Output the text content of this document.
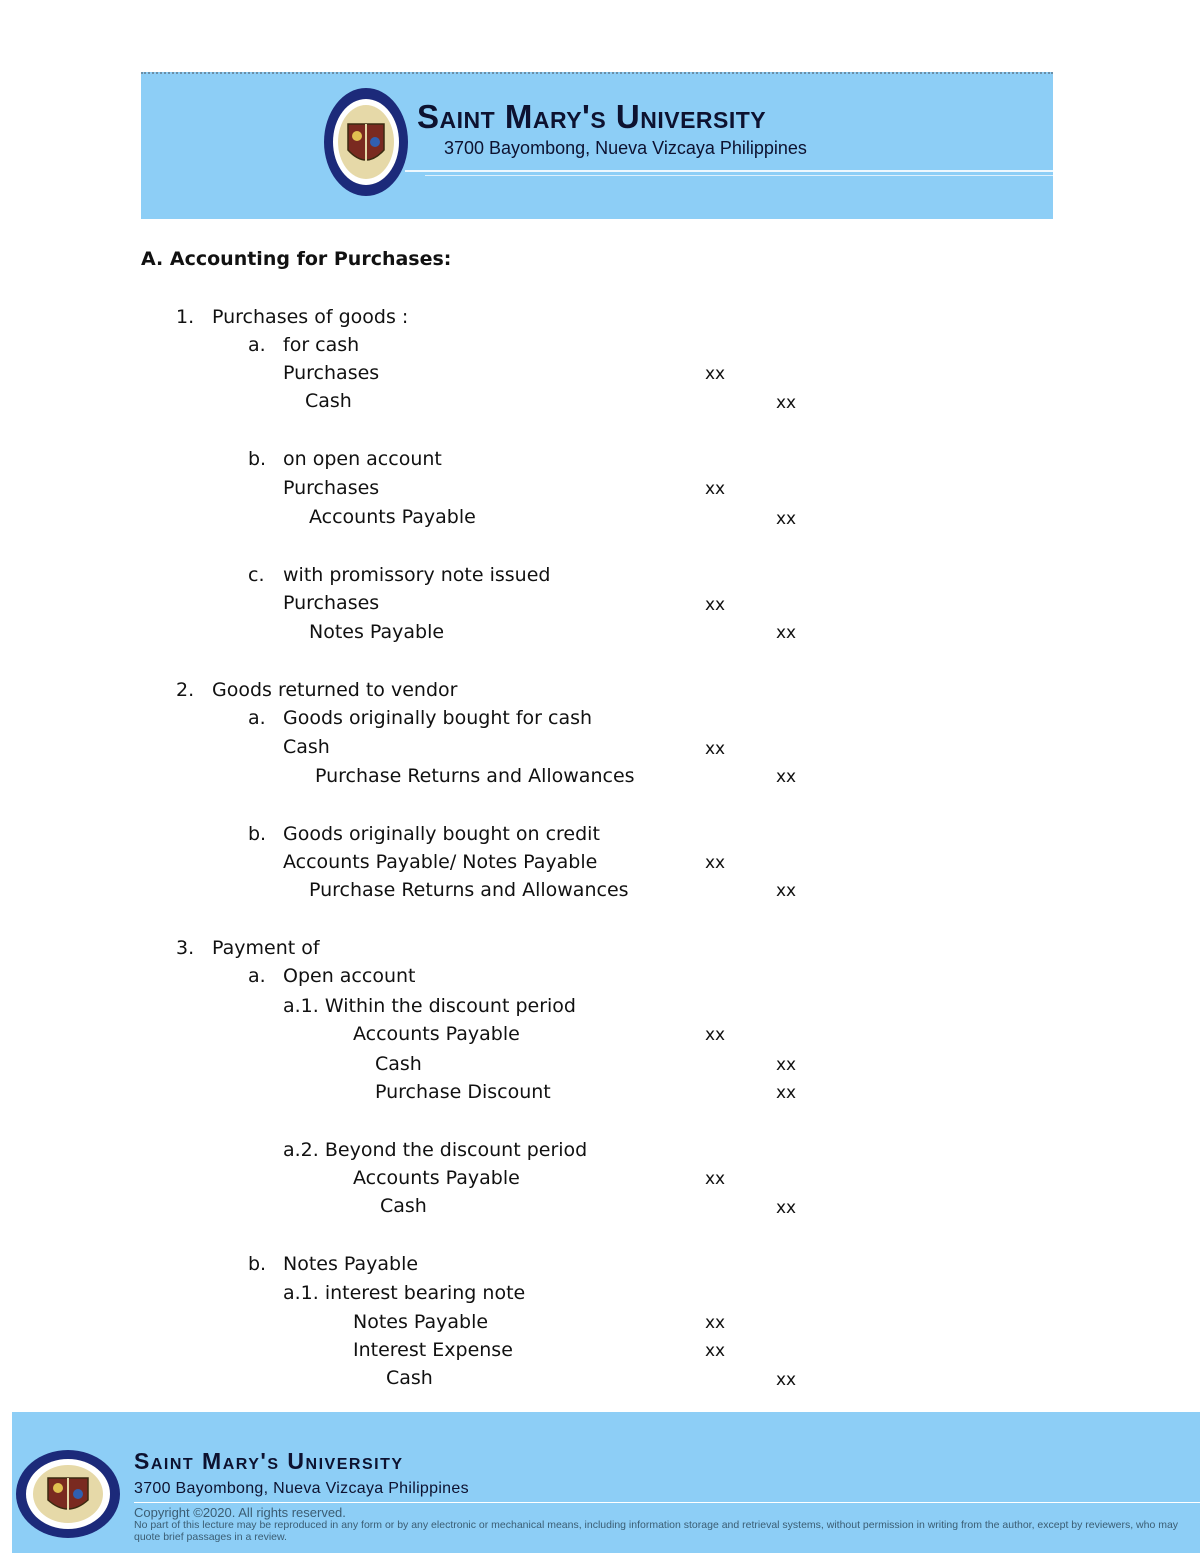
Saint Mary's University
3700 Bayombong, Nueva Vizcaya Philippines
A. Accounting for Purchases:
1. Purchases of goods :
a. for cash
Purchases	xx
Cash	xx
b. on open account
Purchases	xx
Accounts Payable	xx
c. with promissory note issued
Purchases	xx
Notes Payable	xx
2. Goods returned to vendor
a. Goods originally bought for cash
Cash	xx
Purchase Returns and Allowances	xx
b. Goods originally bought on credit
Accounts Payable/ Notes Payable	xx
Purchase Returns and Allowances	xx
3. Payment of
a. Open account
a.1. Within the discount period
Accounts Payable	xx
Cash	xx
Purchase Discount	xx
a.2. Beyond the discount period
Accounts Payable	xx
Cash	xx
b. Notes Payable
a.1. interest bearing note
Notes Payable	xx
Interest Expense	xx
Cash	xx
Saint Mary's University
3700 Bayombong, Nueva Vizcaya Philippines
Copyright ©2020. All rights reserved.
No part of this lecture may be reproduced in any form or by any electronic or mechanical means, including information storage and retrieval systems, without permission in writing from the author, except by reviewers, who may quote brief passages in a review.
